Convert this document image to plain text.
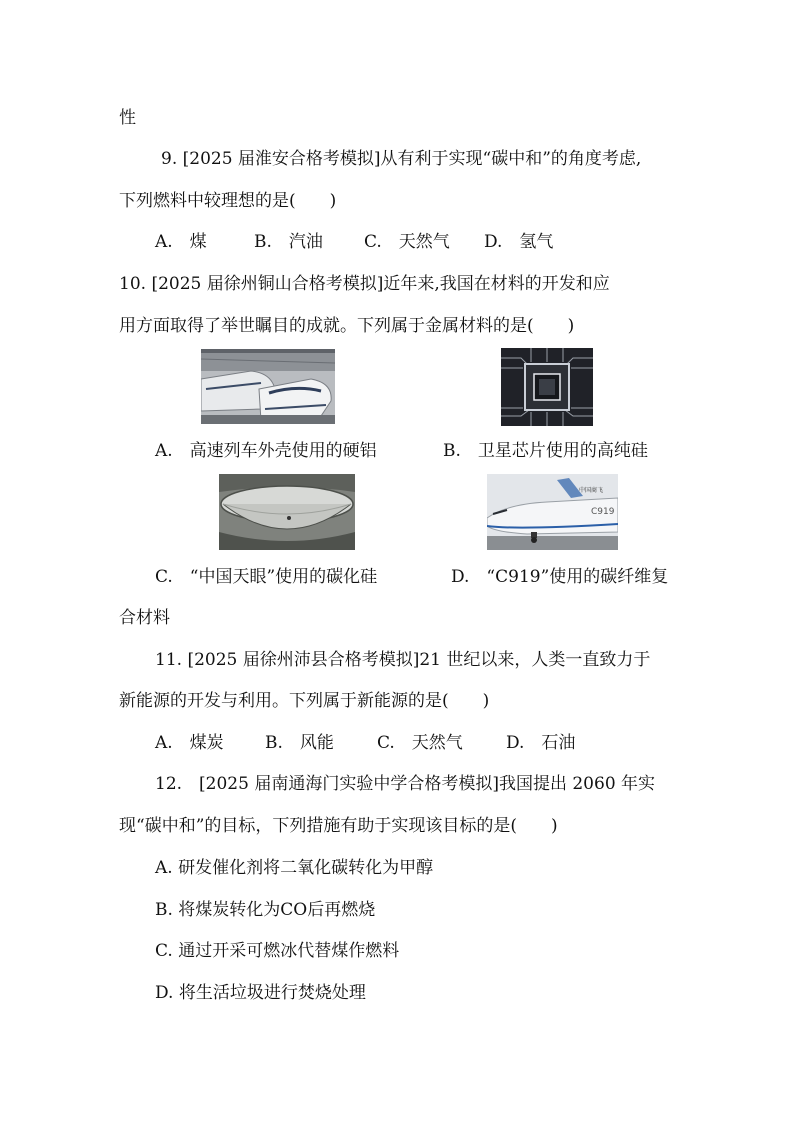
性
9. [2025 届淮安合格考模拟]从有利于实现“碳中和”的角度考虑,
下列燃料中较理想的是(　　)
A.　煤	B.　汽油 C.　天然气 D.　氢气
10. [2025 届徐州铜山合格考模拟]近年来,我国在材料的开发和应
用方面取得了举世瞩目的成就。下列属于金属材料的是(　　)
A.　高速列车外壳使用的硬铝	B.　卫星芯片使用的高纯硅
中国商飞
C919
C.　“中国天眼”使用的碳化硅	D.　“C919”使用的碳纤维复
合材料
11. [2025 届徐州沛县合格考模拟]21 世纪以来，人类一直致力于
新能源的开发与利用。下列属于新能源的是(　　)
A.　煤炭 B.　风能	C.　天然气	D.　石油
12.　[2025 届南通海门实验中学合格考模拟]我国提出 2060 年实
现“碳中和”的目标，下列措施有助于实现该目标的是(　　)
A. 研发催化剂将二氧化碳转化为甲醇
B. 将煤炭转化为CO后再燃烧
C. 通过开采可燃冰代替煤作燃料
D. 将生活垃圾进行焚烧处理
